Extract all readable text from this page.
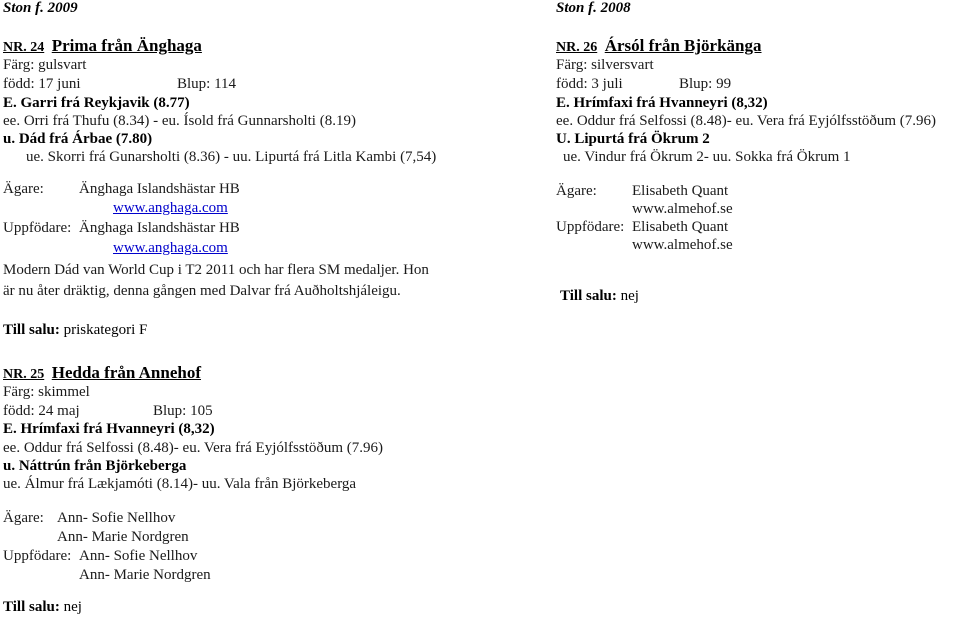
Ston f. 2009
NR. 24 Prima från Änghaga
Färg: gulsvart
född: 17 juni	Blup: 114
E. Garri frá Reykjavik (8.77)
ee. Orri frá Thufu (8.34) - eu. Ísold frá Gunnarsholti (8.19)
u. Dád frá Árbae (7.80)
ue. Skorri frá Gunarsholti (8.36) - uu. Lipurtá frá Litla Kambi (7,54)
Ägare: Änghaga Islandshästar HB
www.anghaga.com
Uppfödare: Änghaga Islandshästar HB
www.anghaga.com
Modern Dád van World Cup i T2 2011 och har flera SM medaljer. Hon
är nu åter dräktig, denna gången med Dalvar frá Auðholtshjáleigu.
Till salu: priskategori F
NR. 25 Hedda från Annehof
Färg: skimmel
född: 24 maj	Blup: 105
E. Hrímfaxi frá Hvanneyri (8,32)
ee. Oddur frá Selfossi (8.48)- eu. Vera frá Eyjólfsstöðum (7.96)
u. Náttrún från Björkeberga
ue. Álmur frá Lækjamóti (8.14)- uu. Vala från Björkeberga
Ägare: Ann- Sofie Nellhov
Ann- Marie Nordgren
Uppfödare: Ann- Sofie Nellhov
Ann- Marie Nordgren
Till salu: nej
Ston f. 2008
NR. 26 Ársól från Björkänga
Färg: silversvart
född: 3 juli	Blup: 99
E. Hrímfaxi frá Hvanneyri (8,32)
ee. Oddur frá Selfossi (8.48)- eu. Vera frá Eyjólfsstöðum (7.96)
U. Lipurtá frá Ökrum 2
ue. Vindur frá Ökrum 2- uu. Sokka frá Ökrum 1
Ägare: Elisabeth Quant
www.almehof.se
Uppfödare: Elisabeth Quant
www.almehof.se
Till salu: nej
